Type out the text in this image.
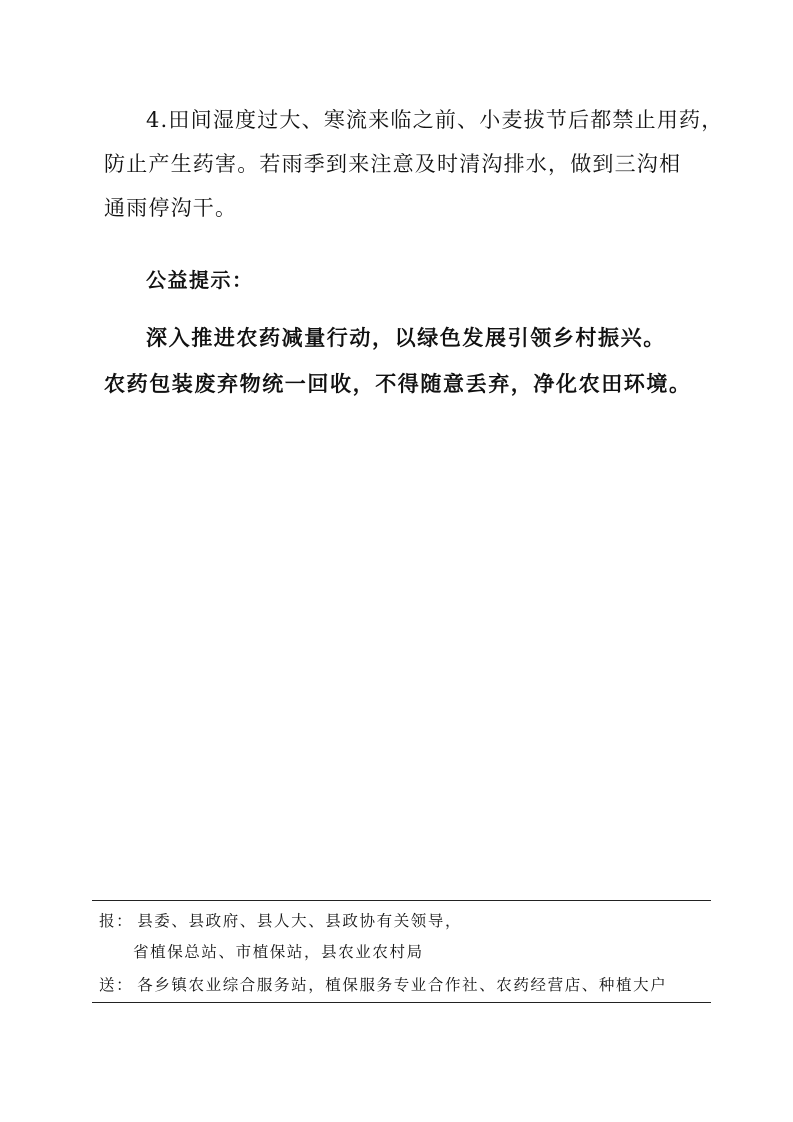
4.田间湿度过大、寒流来临之前、小麦拔节后都禁止用药，

防止产生药害。若雨季到来注意及时清沟排水，做到三沟相

通雨停沟干。

公益提示：

深入推进农药减量行动，以绿色发展引领乡村振兴。

农药包装废弃物统一回收，不得随意丢弃，净化农田环境。

报： 县委、县政府、县人大、县政协有关领导，

省植保总站、市植保站，县农业农村局

送： 各乡镇农业综合服务站，植保服务专业合作社、农药经营店、种植大户
